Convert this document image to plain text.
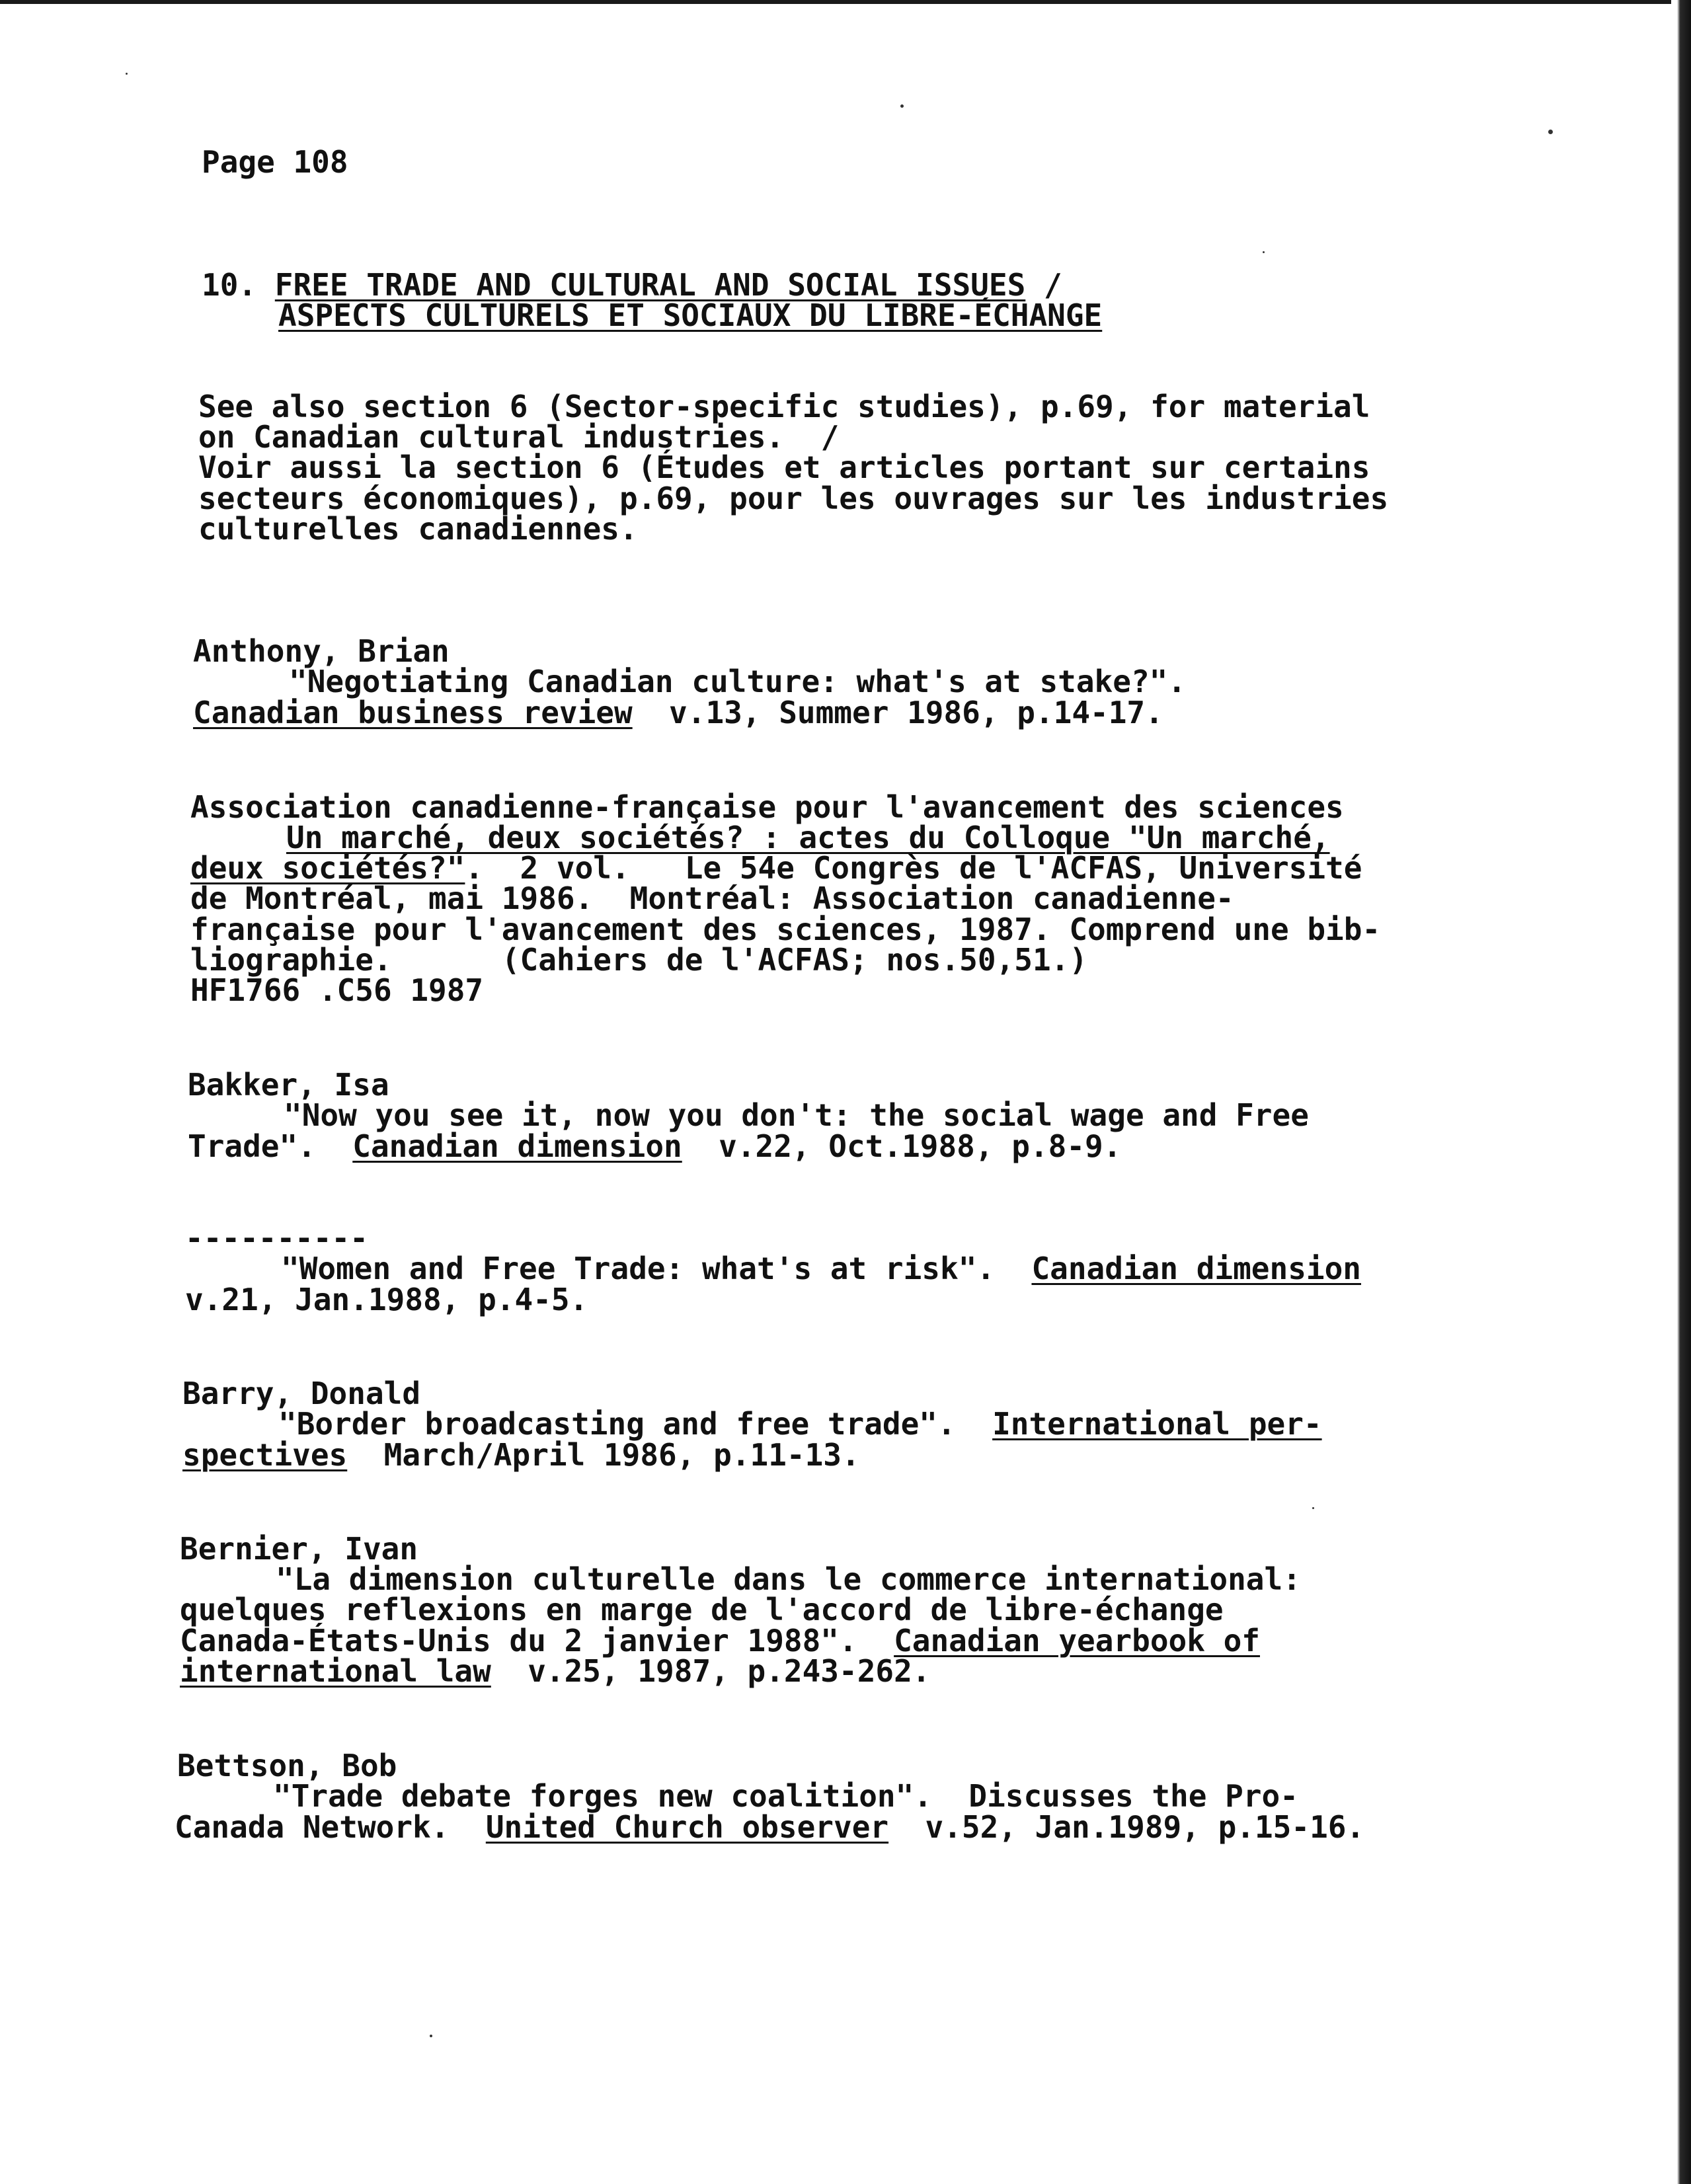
Page 108
10. FREE TRADE AND CULTURAL AND SOCIAL ISSUES /
ASPECTS CULTURELS ET SOCIAUX DU LIBRE-ÉCHANGE
See also section 6 (Sector-specific studies), p.69, for material
on Canadian cultural industries.  /
Voir aussi la section 6 (Études et articles portant sur certains
secteurs économiques), p.69, pour les ouvrages sur les industries
culturelles canadiennes.
Anthony, Brian
"Negotiating Canadian culture: what's at stake?".
Canadian business review  v.13, Summer 1986, p.14-17.
Association canadienne-française pour l'avancement des sciences
Un marché, deux sociétés? : actes du Colloque "Un marché,
deux sociétés?".  2 vol.   Le 54e Congrès de l'ACFAS, Université
de Montréal, mai 1986.  Montréal: Association canadienne-
française pour l'avancement des sciences, 1987. Comprend une bib-
liographie.      (Cahiers de l'ACFAS; nos.50,51.)
HF1766 .C56 1987
Bakker, Isa
"Now you see it, now you don't: the social wage and Free
Trade".  Canadian dimension  v.22, Oct.1988, p.8-9.
----------
"Women and Free Trade: what's at risk".  Canadian dimension
v.21, Jan.1988, p.4-5.
Barry, Donald
"Border broadcasting and free trade".  International per-
spectives  March/April 1986, p.11-13.
Bernier, Ivan
"La dimension culturelle dans le commerce international:
quelques reflexions en marge de l'accord de libre-échange
Canada-États-Unis du 2 janvier 1988".  Canadian yearbook of
international law  v.25, 1987, p.243-262.
Bettson, Bob
"Trade debate forges new coalition".  Discusses the Pro-
Canada Network.  United Church observer  v.52, Jan.1989, p.15-16.
